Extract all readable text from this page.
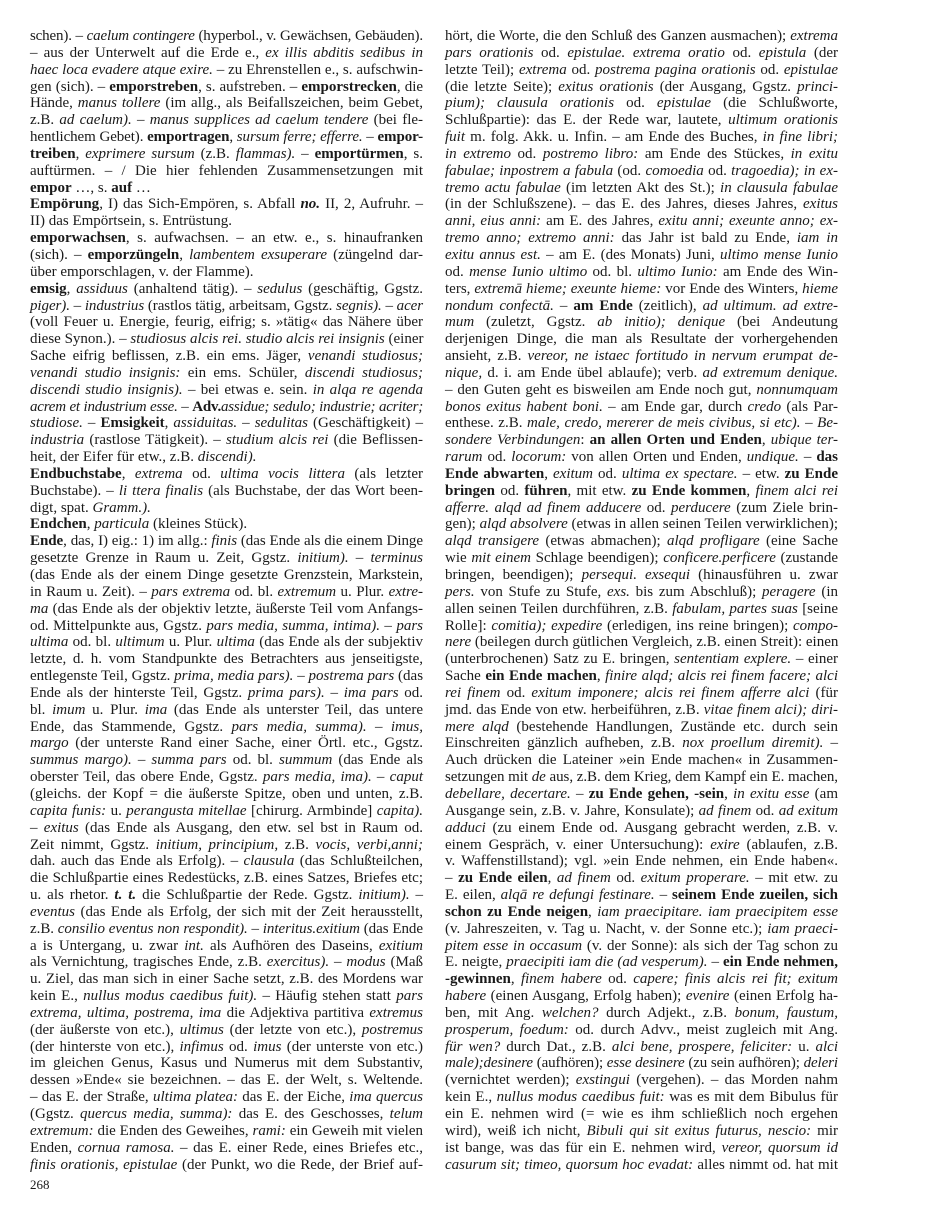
schen). – caelum contingere (hyperbol., v. Gewächsen, Gebäuden).
– aus der Unterwelt auf die Erde e., ex illis abditis sedibus in
haec loca evadere atque exire. – zu Ehrenstellen e., s. aufschwin-
gen (sich). – emporstreben, s. aufstreben. – emporstrecken, die
Hände, manus tollere (im allg., als Beifallszeichen, beim Gebet,
z.B. ad caelum). – manus supplices ad caelum tendere (bei fle-
hentlichem Gebet). emportragen, sursum ferre; efferre. – empor-
treiben, exprimere sursum (z.B. flammas). – emportürmen, s.
auftürmen. – / Die hier fehlenden Zusammensetzungen mit
empor …, s. auf …
Empörung, I) das Sich-Empören, s. Abfall no. II, 2, Aufruhr. –
II) das Empörtsein, s. Entrüstung.
emporwachsen, s. aufwachsen. – an etw. e., s. hinaufranken
(sich). – emporzüngeln, lambentem exsuperare (züngelnd dar-
über emporschlagen, v. der Flamme).
emsig, assiduus (anhaltend tätig). – sedulus (geschäftig, Ggstz.
piger). – industrius (rastlos tätig, arbeitsam, Ggstz. segnis). – acer
(voll Feuer u. Energie, feurig, eifrig; s. »tätig« das Nähere über
diese Synon.). – studiosus alcis rei. studio alcis rei insignis (einer
Sache eifrig beflissen, z.B. ein ems. Jäger, venandi studiosus;
venandi studio insignis: ein ems. Schüler, discendi studiosus;
discendi studio insignis). – bei etwas e. sein. in alqa re agenda
acrem et industrium esse. – Adv.assidue; sedulo; industrie; acriter;
studiose. – Emsigkeit, assiduitas. – sedulitas (Geschäftigkeit) –
industria (rastlose Tätigkeit). – studium alcis rei (die Beflissen-
heit, der Eifer für etw., z.B. discendi).
Endbuchstabe, extrema od. ultima vocis littera (als letzter
Buchstabe). – li ttera finalis (als Buchstabe, der das Wort been-
digt, spat. Gramm.).
Endchen, particula (kleines Stück).
Ende, das, I) eig.: 1) im allg.: finis (das Ende als die einem Dinge
gesetzte Grenze in Raum u. Zeit, Ggstz. initium). – terminus
(das Ende als der einem Dinge gesetzte Grenzstein, Markstein,
in Raum u. Zeit). – pars extrema od. bl. extremum u. Plur. extre-
ma (das Ende als der objektiv letzte, äußerste Teil vom Anfangs-
od. Mittelpunkte aus, Ggstz. pars media, summa, intima). – pars
ultima od. bl. ultimum u. Plur. ultima (das Ende als der subjektiv
letzte, d. h. vom Standpunkte des Betrachters aus jenseitigste,
entlegenste Teil, Ggstz. prima, media pars). – postrema pars (das
Ende als der hinterste Teil, Ggstz. prima pars). – ima pars od.
bl. imum u. Plur. ima (das Ende als unterster Teil, das untere
Ende, das Stammende, Ggstz. pars media, summa). – imus,
margo (der unterste Rand einer Sache, einer Örtl. etc., Ggstz.
summus margo). – summa pars od. bl. summum (das Ende als
oberster Teil, das obere Ende, Ggstz. pars media, ima). – caput
(gleichs. der Kopf = die äußerste Spitze, oben und unten, z.B.
capita funis: u. perangusta mitellae [chirurg. Armbinde] capita).
– exitus (das Ende als Ausgang, den etw. sel bst in Raum od.
Zeit nimmt, Ggstz. initium, principium, z.B. vocis, verbi,anni;
dah. auch das Ende als Erfolg). – clausula (das Schlußteilchen,
die Schlußpartie eines Redestücks, z.B. eines Satzes, Briefes etc;
u. als rhetor. t. t. die Schlußpartie der Rede. Ggstz. initium). –
eventus (das Ende als Erfolg, der sich mit der Zeit herausstellt,
z.B. consilio eventus non respondit). – interitus.exitium (das Ende
a is Untergang, u. zwar int. als Aufhören des Daseins, exitium
als Vernichtung, tragisches Ende, z.B. exercitus). – modus (Maß
u. Ziel, das man sich in einer Sache setzt, z.B. des Mordens war
kein E., nullus modus caedibus fuit). – Häufig stehen statt pars
extrema, ultima, postrema, ima die Adjektiva partitiva extremus
(der äußerste von etc.), ultimus (der letzte von etc.), postremus
(der hinterste von etc.), infimus od. imus (der unterste von etc.)
im gleichen Genus, Kasus und Numerus mit dem Substantiv,
dessen »Ende« sie bezeichnen. – das E. der Welt, s. Weltende.
– das E. der Straße, ultima platea: das E. der Eiche, ima quercus
(Ggstz. quercus media, summa): das E. des Geschosses, telum
extremum: die Enden des Geweihes, rami: ein Geweih mit vielen
Enden, cornua ramosa. – das E. einer Rede, eines Briefes etc.,
finis orationis, epistulae (der Punkt, wo die Rede, der Brief auf-
hört, die Worte, die den Schluß des Ganzen ausmachen); extrema
pars orationis od. epistulae. extrema oratio od. epistula (der
letzte Teil); extrema od. postrema pagina orationis od. epistulae
(die letzte Seite); exitus orationis (der Ausgang, Ggstz. princi-
pium); clausula orationis od. epistulae (die Schlußworte,
Schlußpartie): das E. der Rede war, lautete, ultimum orationis
fuit m. folg. Akk. u. Infin. – am Ende des Buches, in fine libri;
in extremo od. postremo libro: am Ende des Stückes, in exitu
fabulae; inpostrem a fabula (od. comoedia od. tragoedia); in ex-
tremo actu fabulae (im letzten Akt des St.); in clausula fabulae
(in der Schlußszene). – das E. des Jahres, dieses Jahres, exitus
anni, eius anni: am E. des Jahres, exitu anni; exeunte anno; ex-
tremo anno; extremo anni: das Jahr ist bald zu Ende, iam in
exitu annus est. – am E. (des Monats) Juni, ultimo mense Iunio
od. mense Iunio ultimo od. bl. ultimo Iunio: am Ende des Win-
ters, extremā hieme; exeunte hieme: vor Ende des Winters, hieme
nondum confectā. – am Ende (zeitlich), ad ultimum. ad extre-
mum (zuletzt, Ggstz. ab initio); denique (bei Andeutung
derjenigen Dinge, die man als Resultate der vorhergehenden
ansieht, z.B. vereor, ne istaec fortitudo in nervum erumpat de-
nique, d. i. am Ende übel ablaufe); verb. ad extremum denique.
– den Guten geht es bisweilen am Ende noch gut, nonnumquam
bonos exitus habent boni. – am Ende gar, durch credo (als Par-
enthese. z.B. male, credo, mererer de meis civibus, si etc). – Be-
sondere Verbindungen: an allen Orten und Enden, ubique ter-
rarum od. locorum: von allen Orten und Enden, undique. – das
Ende abwarten, exitum od. ultima ex spectare. – etw. zu Ende
bringen od. führen, mit etw. zu Ende kommen, finem alci rei
afferre. alqd ad finem adducere od. perducere (zum Ziele brin-
gen); alqd absolvere (etwas in allen seinen Teilen verwirklichen);
alqd transigere (etwas abmachen); alqd profligare (eine Sache
wie mit einem Schlage beendigen); conficere.perficere (zustande
bringen, beendigen); persequi. exsequi (hinausführen u. zwar
pers. von Stufe zu Stufe, exs. bis zum Abschluß); peragere (in
allen seinen Teilen durchführen, z.B. fabulam, partes suas [seine
Rolle]: comitia); expedire (erledigen, ins reine bringen); compo-
nere (beilegen durch gütlichen Vergleich, z.B. einen Streit): einen
(unterbrochenen) Satz zu E. bringen, sententiam explere. – einer
Sache ein Ende machen, finire alqd; alcis rei finem facere; alci
rei finem od. exitum imponere; alcis rei finem afferre alci (für
jmd. das Ende von etw. herbeiführen, z.B. vitae finem alci); diri-
mere alqd (bestehende Handlungen, Zustände etc. durch sein
Einschreiten gänzlich aufheben, z.B. nox proellum diremit). –
Auch drücken die Lateiner »ein Ende machen« in Zusammen-
setzungen mit de aus, z.B. dem Krieg, dem Kampf ein E. machen,
debellare, decertare. – zu Ende gehen, -sein, in exitu esse (am
Ausgange sein, z.B. v. Jahre, Konsulate); ad finem od. ad exitum
adduci (zu einem Ende od. Ausgang gebracht werden, z.B. v.
einem Gespräch, v. einer Untersuchung): exire (ablaufen, z.B.
v. Waffenstillstand); vgl. »ein Ende nehmen, ein Ende haben«.
– zu Ende eilen, ad finem od. exitum properare. – mit etw. zu
E. eilen, alqā re defungi festinare. – seinem Ende zueilen, sich
schon zu Ende neigen, iam praecipitare. iam praecipitem esse
(v. Jahreszeiten, v. Tag u. Nacht, v. der Sonne etc.); iam praeci-
pitem esse in occasum (v. der Sonne): als sich der Tag schon zu
E. neigte, praecipiti iam die (ad vesperum). – ein Ende nehmen,
-gewinnen, finem habere od. capere; finis alcis rei fit; exitum
habere (einen Ausgang, Erfolg haben); evenire (einen Erfolg ha-
ben, mit Ang. welchen? durch Adjekt., z.B. bonum, faustum,
prosperum, foedum: od. durch Advv., meist zugleich mit Ang.
für wen? durch Dat., z.B. alci bene, prospere, feliciter: u. alci
male);desinere (aufhören); esse desinere (zu sein aufhören); deleri
(vernichtet werden); exstingui (vergehen). – das Morden nahm
kein E., nullus modus caedibus fuit: was es mit dem Bibulus für
ein E. nehmen wird (= wie es ihm schließlich noch ergehen
wird), weiß ich nicht, Bibuli qui sit exitus futurus, nescio: mir
ist bange, was das für ein E. nehmen wird, vereor, quorsum id
casurum sit; timeo, quorsum hoc evadat: alles nimmt od. hat mit
268
